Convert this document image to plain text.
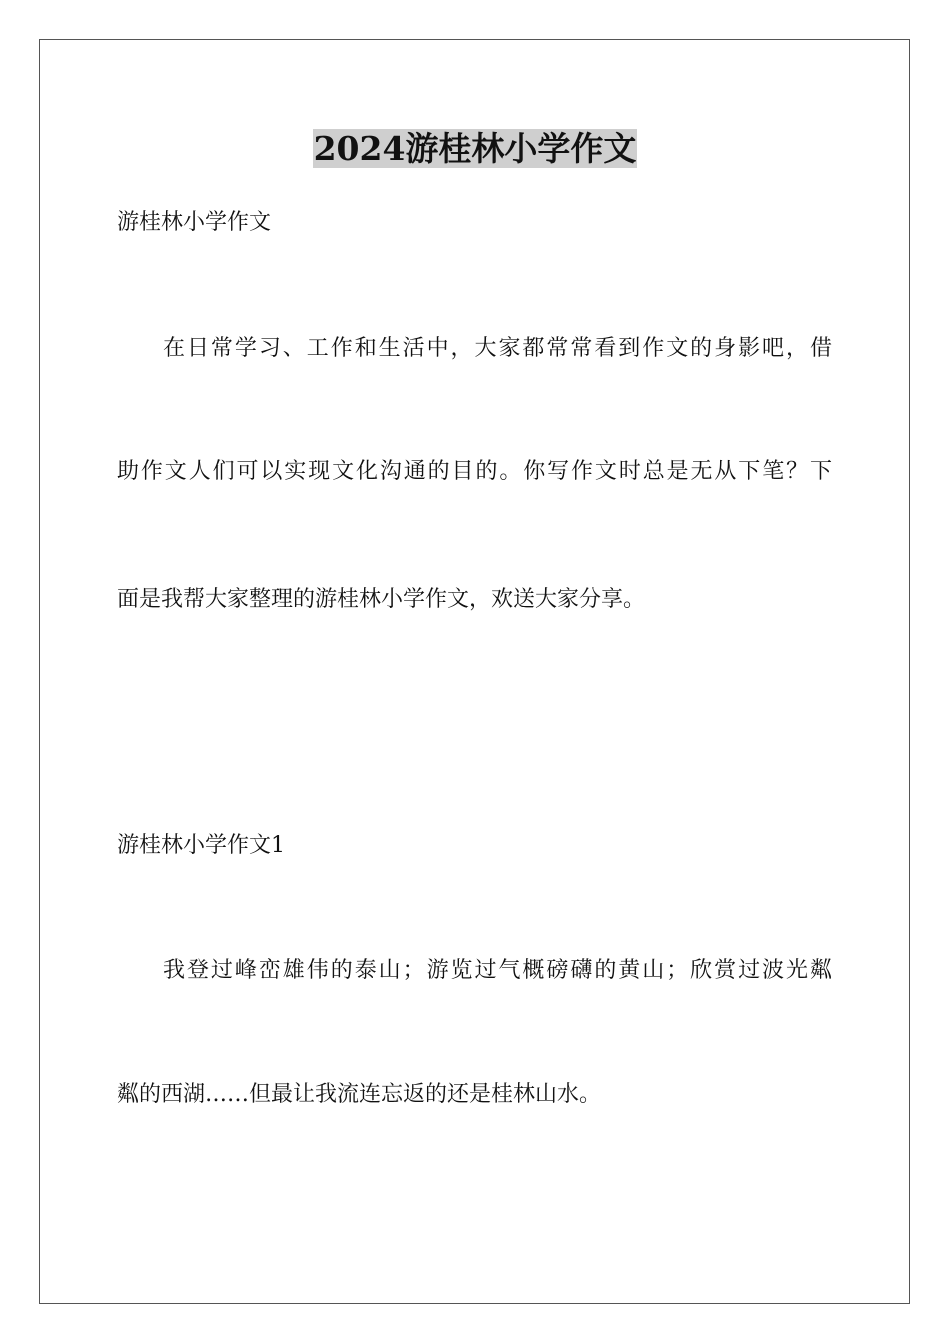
2024游桂林小学作文

游桂林小学作文

在日常学习、工作和生活中，大家都常常看到作文的身影吧，借

助作文人们可以实现文化沟通的目的。你写作文时总是无从下笔？下

面是我帮大家整理的游桂林小学作文，欢送大家分享。

游桂林小学作文1

我登过峰峦雄伟的泰山；游览过气概磅礴的黄山；欣赏过波光粼

粼的西湖……但最让我流连忘返的还是桂林山水。
